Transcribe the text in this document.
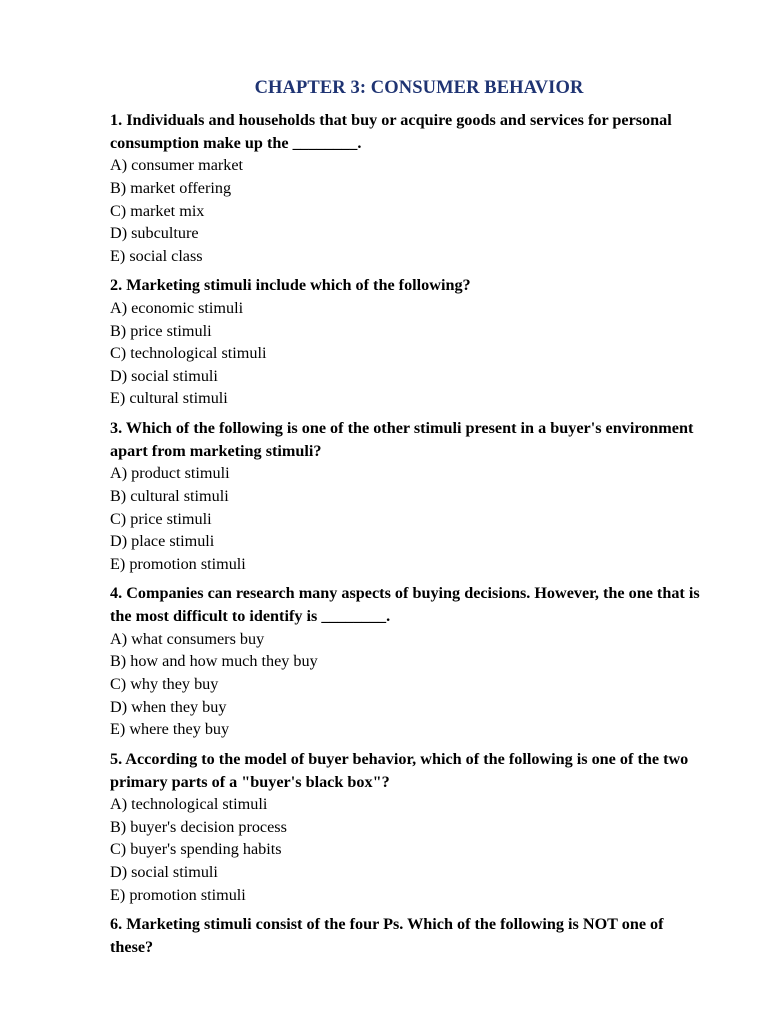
CHAPTER 3: CONSUMER BEHAVIOR

1. Individuals and households that buy or acquire goods and services for personal consumption make up the ________.

A) consumer market
B) market offering
C) market mix
D) subculture
E) social class

2. Marketing stimuli include which of the following?

A) economic stimuli
B) price stimuli
C) technological stimuli
D) social stimuli
E) cultural stimuli

3. Which of the following is one of the other stimuli present in a buyer's environment apart from marketing stimuli?

A) product stimuli
B) cultural stimuli
C) price stimuli
D) place stimuli
E) promotion stimuli

4. Companies can research many aspects of buying decisions. However, the one that is the most difficult to identify is ________.

A) what consumers buy
B) how and how much they buy
C) why they buy
D) when they buy
E) where they buy

5. According to the model of buyer behavior, which of the following is one of the two primary parts of a "buyer's black box"?

A) technological stimuli
B) buyer's decision process
C) buyer's spending habits
D) social stimuli
E) promotion stimuli

6. Marketing stimuli consist of the four Ps. Which of the following is NOT one of these?
